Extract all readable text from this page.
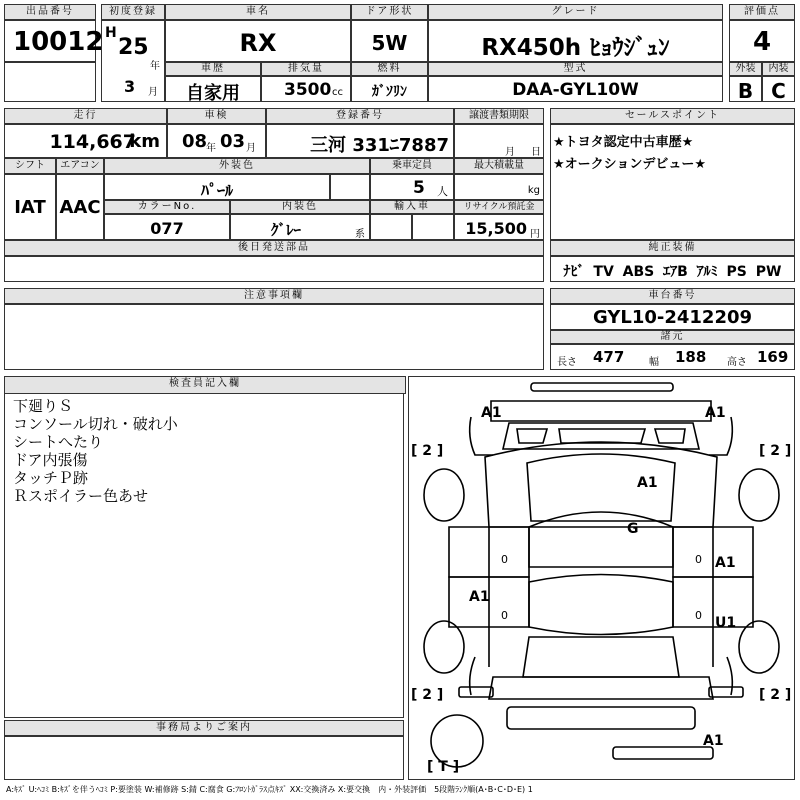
出品番号
10012
初度登録
H
25
年
3 月
車名
RX
ドア形状
5W
グレード
RX450h ﾋｮｳｼﾞｭﾝ
評価点
4
車歴
自家用
排気量
3500 cc
燃料
ｶﾞｿﾘﾝ
型式
DAA-GYL10W
外装
B
内装
C
走行
114,667
km
車検
08
年 03 月
登録番号
三河 331ﾆ7887
譲渡書類期限
月 日
セールスポイント
★トヨタ認定中古車歴★
★オークションデビュー★
シフト
IAT
エアコン
AAC
外装色
ﾊﾟｰﾙ
乗車定員
5 人
最大積載量
kg
カラーNo.
077
内装色
ｸﾞﾚｰ	系
輸入車	リサイクル預託金
15,500 円
後日発送部品	純正装備
ﾅﾋﾞ TV ABS ｴｱB ｱﾙﾐ PS PW
注意事項欄	車台番号
GYL10-2412209
諸元
長さ 477 幅 188 高さ 169
検査員記入欄
下廻りＳ
コンソール切れ・破れ小
シートへたり
ドア内張傷
タッチＰ跡
Ｒスポイラー色あせ
事務局よりご案内
A1	A1
A1
G
A1
A1
U1
A1
[ 2 ]	[ 2 ]
[ 2 ]	[ 2 ]
[ T ]
0	0
0	0
A:ｷｽﾞ U:ﾍｺﾐ B:ｷｽﾞを伴うﾍｺﾐ P:要塗装 W:補修跡 S:錆 C:腐食 G:ﾌﾛﾝﾄｶﾞﾗｽ点ｷｽﾞ XX:交換済み X:要交換　内・外装評価　5段階ﾗﾝｸ順(A･B･C･D･E) 1
